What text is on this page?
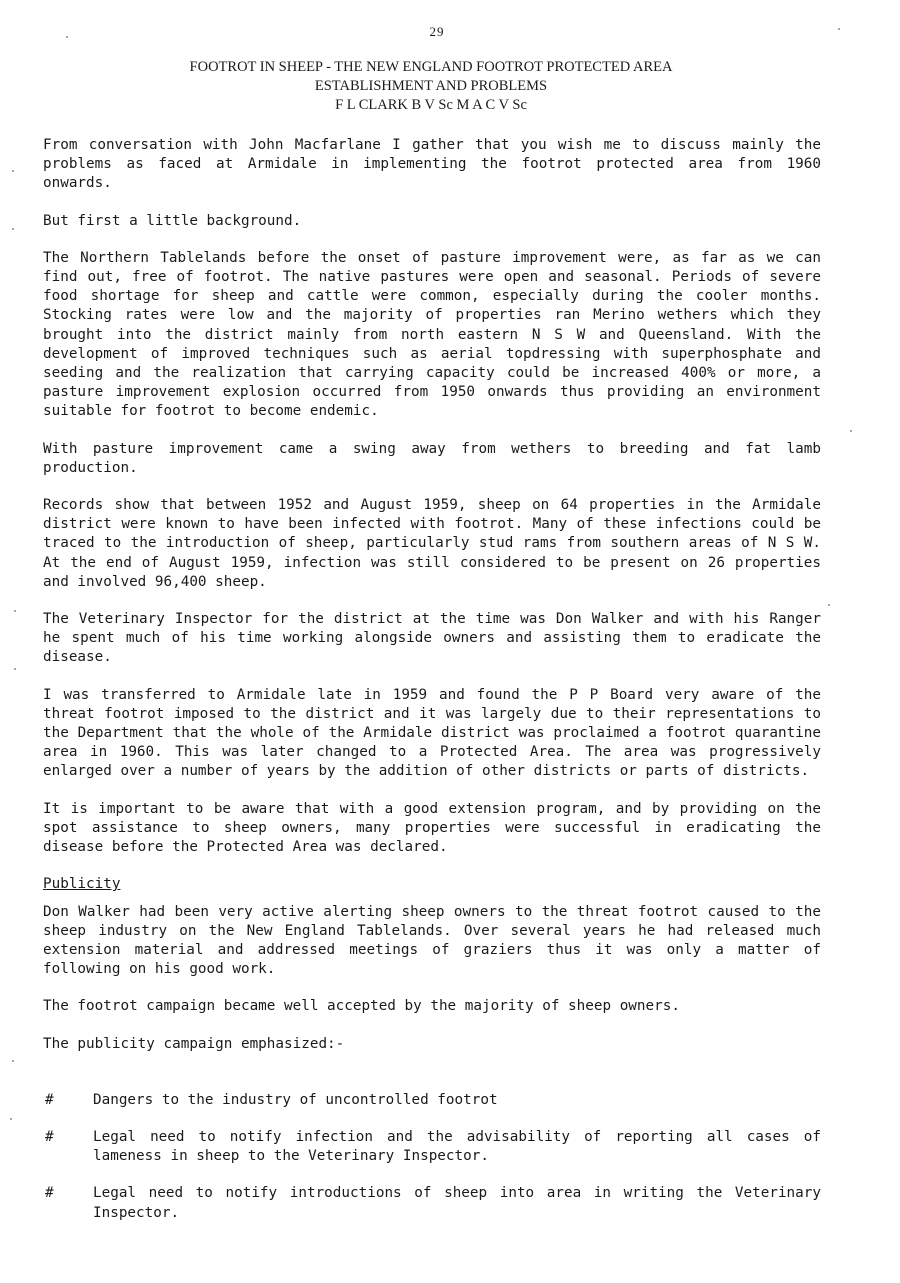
29
FOOTROT IN SHEEP - THE NEW ENGLAND FOOTROT PROTECTED AREA
ESTABLISHMENT AND PROBLEMS
F L CLARK B V Sc M A C V Sc

From conversation with John Macfarlane I gather that you wish me to discuss mainly the problems as faced at Armidale in implementing the footrot protected area from 1960 onwards.

But first a little background.

The Northern Tablelands before the onset of pasture improvement were, as far as we can find out, free of footrot. The native pastures were open and seasonal. Periods of severe food shortage for sheep and cattle were common, especially during the cooler months. Stocking rates were low and the majority of properties ran Merino wethers which they brought into the district mainly from north eastern N S W and Queensland. With the development of improved techniques such as aerial topdressing with superphosphate and seeding and the realization that carrying capacity could be increased 400% or more, a pasture improvement explosion occurred from 1950 onwards thus providing an environment suitable for footrot to become endemic.

With pasture improvement came a swing away from wethers to breeding and fat lamb production.

Records show that between 1952 and August 1959, sheep on 64 properties in the Armidale district were known to have been infected with footrot. Many of these infections could be traced to the introduction of sheep, particularly stud rams from southern areas of N S W. At the end of August 1959, infection was still considered to be present on 26 properties and involved 96,400 sheep.

The Veterinary Inspector for the district at the time was Don Walker and with his Ranger he spent much of his time working alongside owners and assisting them to eradicate the disease.

I was transferred to Armidale late in 1959 and found the P P Board very aware of the threat footrot imposed to the district and it was largely due to their representations to the Department that the whole of the Armidale district was proclaimed a footrot quarantine area in 1960. This was later changed to a Protected Area. The area was progressively enlarged over a number of years by the addition of other districts or parts of districts.

It is important to be aware that with a good extension program, and by providing on the spot assistance to sheep owners, many properties were successful in eradicating the disease before the Protected Area was declared.

Publicity

Don Walker had been very active alerting sheep owners to the threat footrot caused to the sheep industry on the New England Tablelands. Over several years he had released much extension material and addressed meetings of graziers thus it was only a matter of following on his good work.

The footrot campaign became well accepted by the majority of sheep owners.

The publicity campaign emphasized:-

#	Dangers to the industry of uncontrolled footrot
#	Legal need to notify infection and the advisability of reporting all cases of lameness in sheep to the Veterinary Inspector.
#	Legal need to notify introductions of sheep into area in writing the Veterinary Inspector.
